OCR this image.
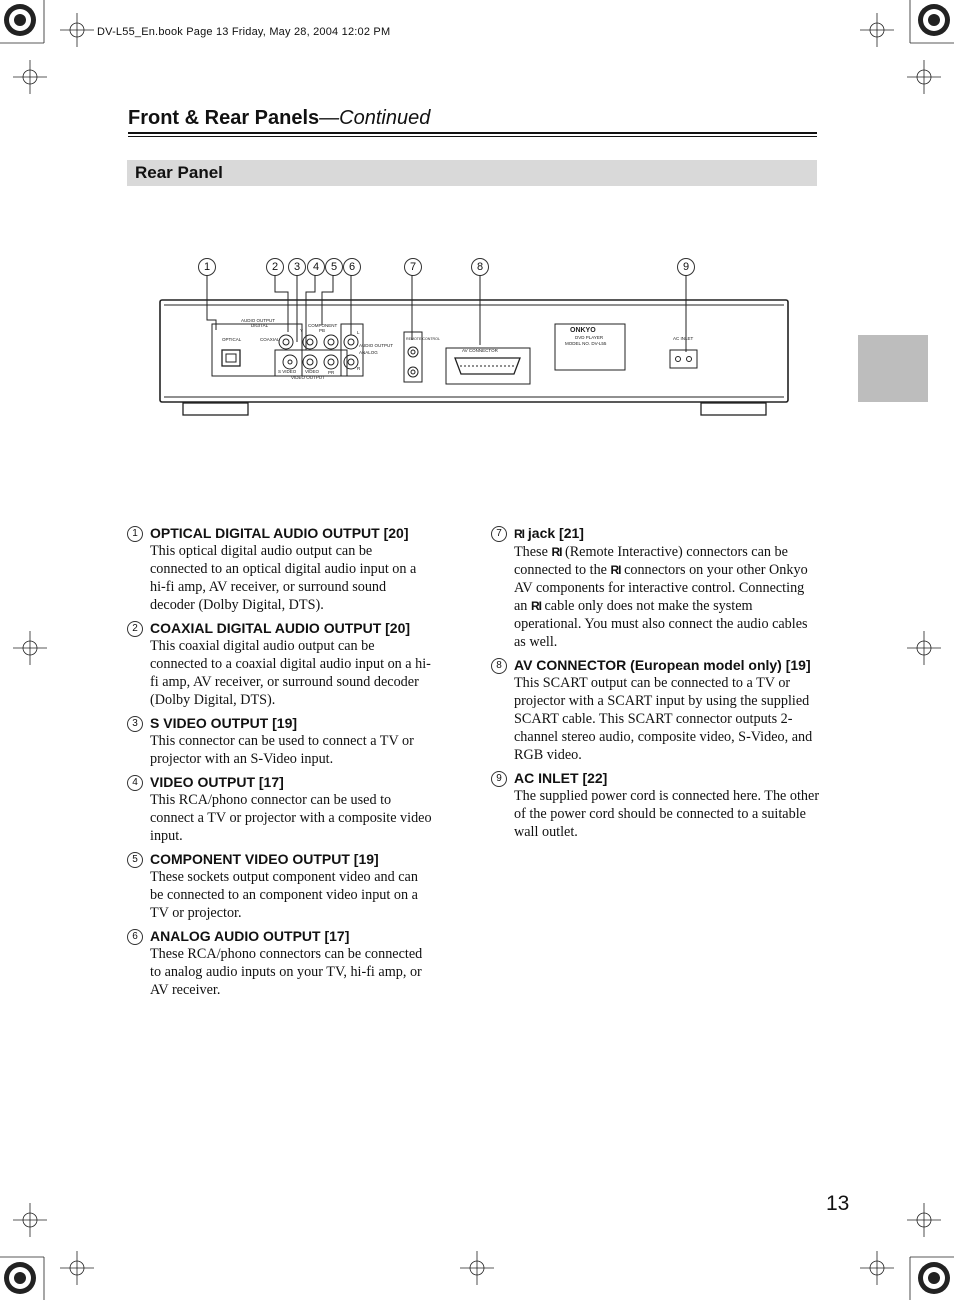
DV-L55_En.book Page 13 Friday, May 28, 2004 12:02 PM
Front & Rear Panels—Continued
Rear Panel
1	2	3	4	5	6	7	8	9
AUDIO OUTPUT
DIGITAL
OPTICAL	COAXIAL
COMPONENT
PB
PR
Y
S VIDEO VIDEO
VIDEO OUTPUT
AUDIO OUTPUT
ANALOG
L
R
REMOTE CONTROL
AV CONNECTOR
ONKYO
DVD PLAYER
MODEL NO. DV-L55
AC INLET
1 OPTICAL DIGITAL AUDIO OUTPUT [20]
This optical digital audio output can be connected to an optical digital audio input on a hi-fi amp, AV receiver, or surround sound decoder (Dolby Digital, DTS).
2 COAXIAL DIGITAL AUDIO OUTPUT [20]
This coaxial digital audio output can be connected to a coaxial digital audio input on a hi-fi amp, AV receiver, or surround sound decoder (Dolby Digital, DTS).
3 S VIDEO OUTPUT [19]
This connector can be used to connect a TV or projector with an S-Video input.
4 VIDEO OUTPUT [17]
This RCA/phono connector can be used to connect a TV or projector with a composite video input.
5 COMPONENT VIDEO OUTPUT [19]
These sockets output component video and can be connected to an component video input on a TV or projector.
6 ANALOG AUDIO OUTPUT [17]
These RCA/phono connectors can be connected to analog audio inputs on your TV, hi-fi amp, or AV receiver.
7	RI jack [21]
These RI (Remote Interactive) connectors can be connected to the RI connectors on your other Onkyo AV components for interactive control. Connecting an RI cable only does not make the system operational. You must also connect the audio cables as well.
8 AV CONNECTOR (European model only) [19]
This SCART output can be connected to a TV or projector with a SCART input by using the supplied SCART cable. This SCART connector outputs 2-channel stereo audio, composite video, S-Video, and RGB video.
9 AC INLET [22]
The supplied power cord is connected here. The other of the power cord should be connected to a suitable wall outlet.
13
